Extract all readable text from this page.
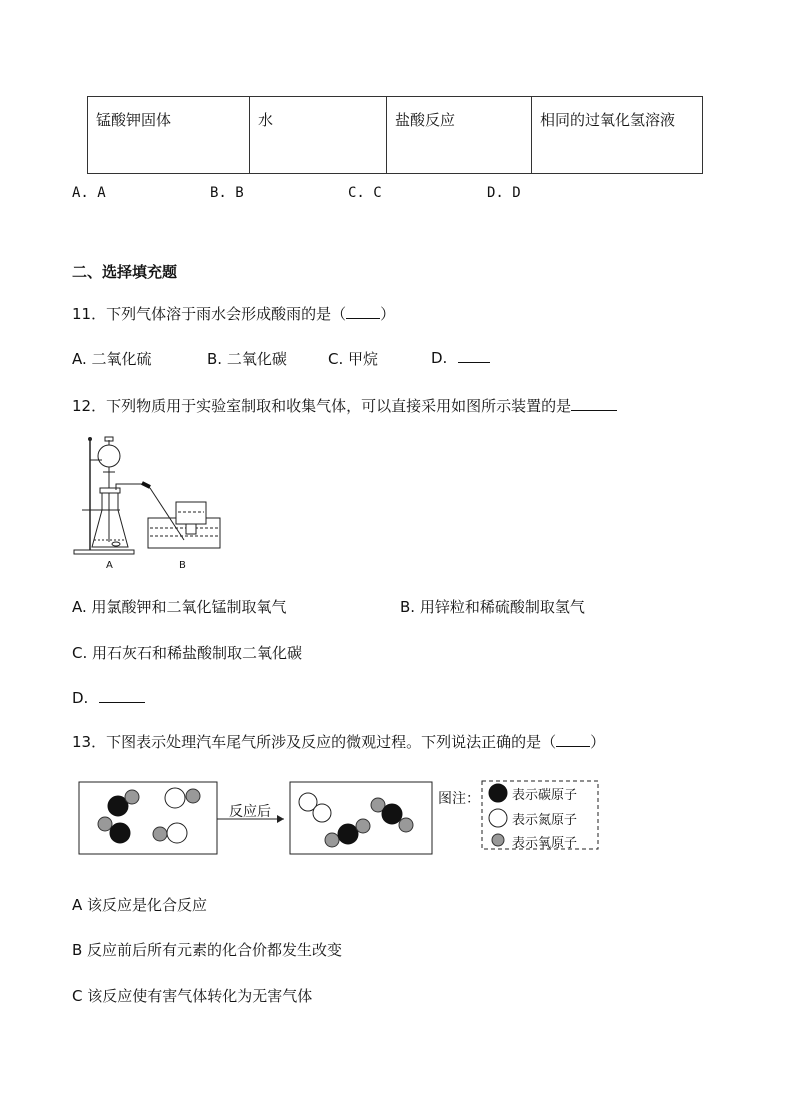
锰酸钾固体	水	盐酸反应	相同的过氧化氢溶液
A. A	B. B	C. C	D. D
二、选择填充题
11．下列气体溶于雨水会形成酸雨的是（ ）
A. 二氧化硫	B. 二氧化碳	C. 甲烷	D.
12．下列物质用于实验室制取和收集气体，可以直接采用如图所示装置的是
A	B
A. 用氯酸钾和二氧化锰制取氧气	B. 用锌粒和稀硫酸制取氢气
C. 用石灰石和稀盐酸制取二氧化碳
D.
13．下图表示处理汽车尾气所涉及反应的微观过程。下列说法正确的是（ ）
反应后
图注： 表示碳原子
表示氮原子
表示氧原子
A 该反应是化合反应
B 反应前后所有元素的化合价都发生改变
C 该反应使有害气体转化为无害气体
